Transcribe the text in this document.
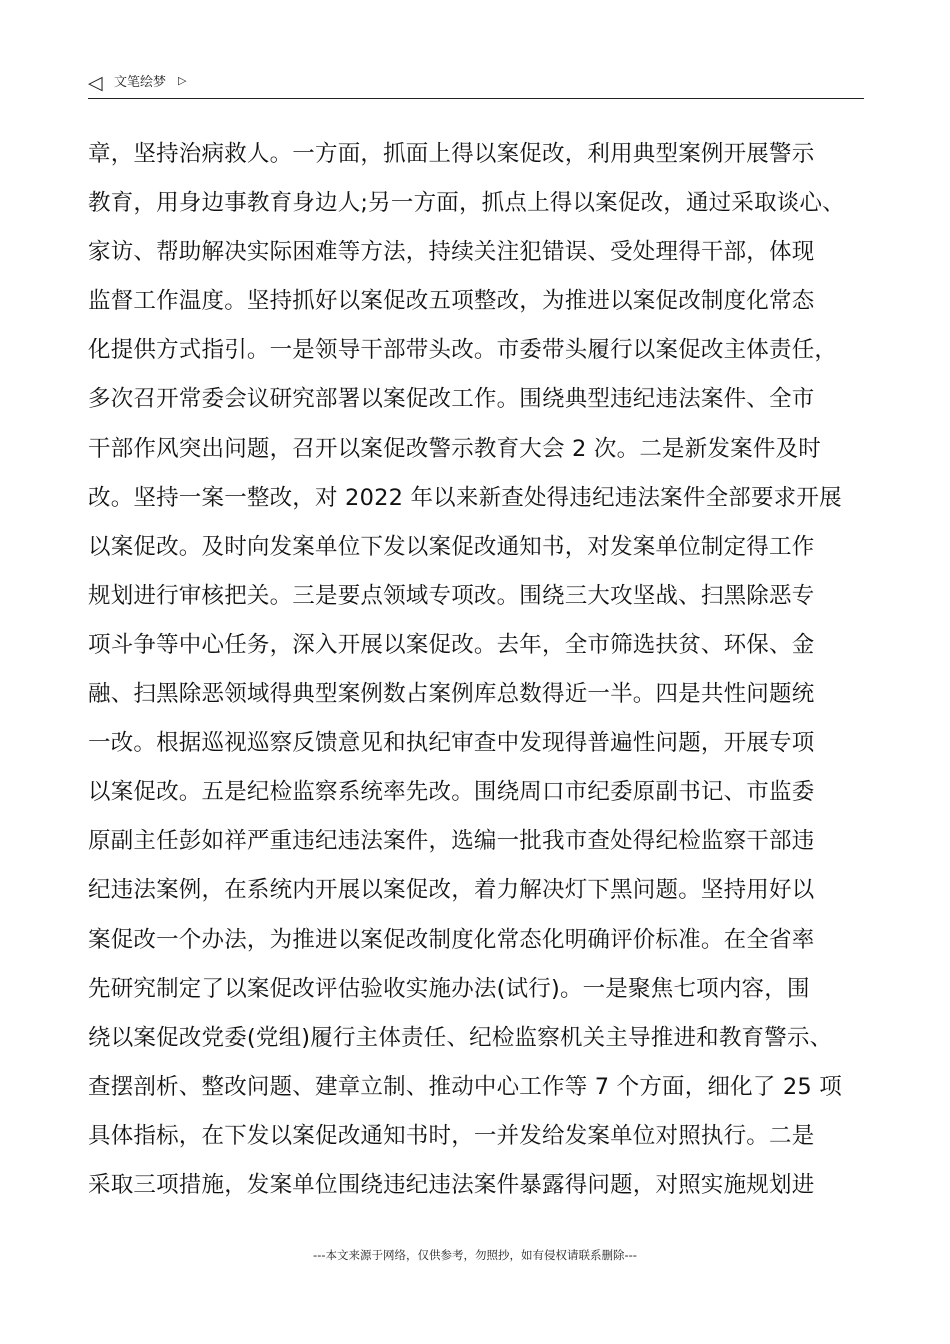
◁ 文笔绘梦 ▷
章，坚持治病救人。一方面，抓面上得以案促改，利用典型案例开展警示
教育，用身边事教育身边人;另一方面，抓点上得以案促改，通过采取谈心、
家访、帮助解决实际困难等方法，持续关注犯错误、受处理得干部，体现
监督工作温度。坚持抓好以案促改五项整改，为推进以案促改制度化常态
化提供方式指引。一是领导干部带头改。市委带头履行以案促改主体责任，
多次召开常委会议研究部署以案促改工作。围绕典型违纪违法案件、全市
干部作风突出问题，召开以案促改警示教育大会 2 次。二是新发案件及时
改。坚持一案一整改，对 2022 年以来新查处得违纪违法案件全部要求开展
以案促改。及时向发案单位下发以案促改通知书，对发案单位制定得工作
规划进行审核把关。三是要点领域专项改。围绕三大攻坚战、扫黑除恶专
项斗争等中心任务，深入开展以案促改。去年，全市筛选扶贫、环保、金
融、扫黑除恶领域得典型案例数占案例库总数得近一半。四是共性问题统
一改。根据巡视巡察反馈意见和执纪审查中发现得普遍性问题，开展专项
以案促改。五是纪检监察系统率先改。围绕周口市纪委原副书记、市监委
原副主任彭如祥严重违纪违法案件，选编一批我市查处得纪检监察干部违
纪违法案例，在系统内开展以案促改，着力解决灯下黑问题。坚持用好以
案促改一个办法，为推进以案促改制度化常态化明确评价标准。在全省率
先研究制定了以案促改评估验收实施办法(试行)。一是聚焦七项内容，围
绕以案促改党委(党组)履行主体责任、纪检监察机关主导推进和教育警示、
查摆剖析、整改问题、建章立制、推动中心工作等 7 个方面，细化了 25 项
具体指标，在下发以案促改通知书时，一并发给发案单位对照执行。二是
采取三项措施，发案单位围绕违纪违法案件暴露得问题，对照实施规划进
---本文来源于网络，仅供参考，勿照抄，如有侵权请联系删除---
